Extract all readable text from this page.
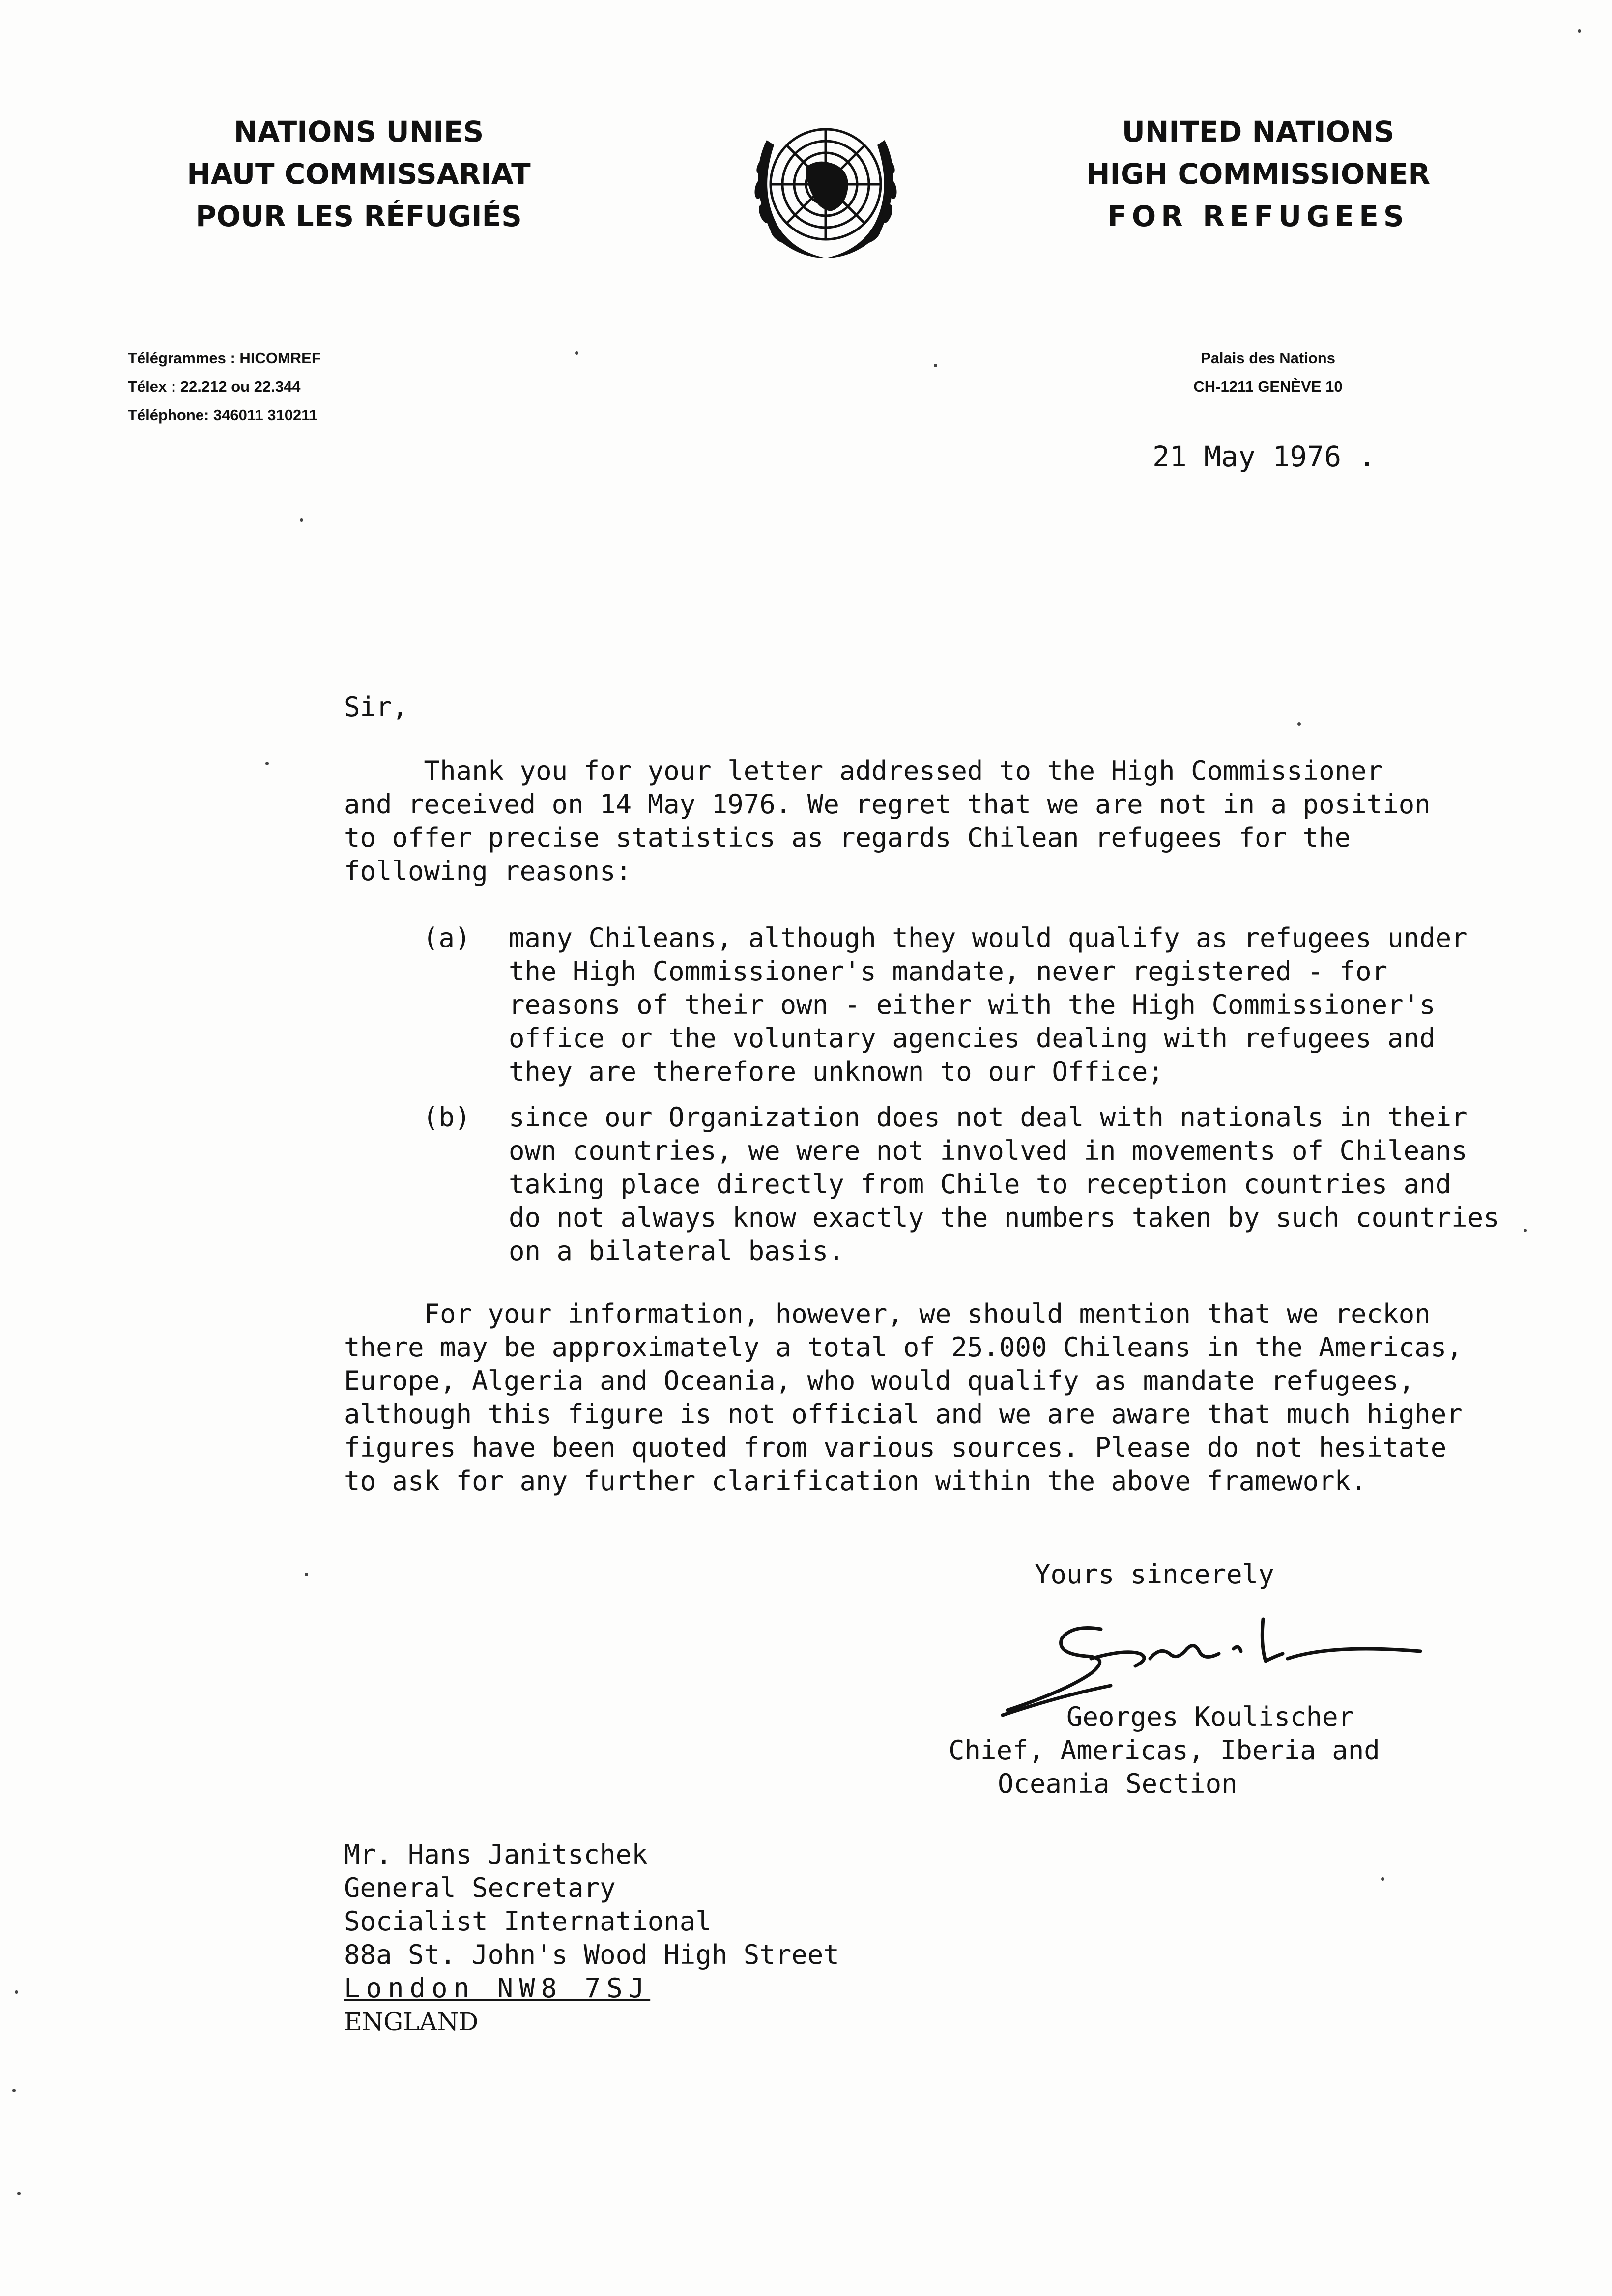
NATIONS UNIES
HAUT COMMISSARIAT
POUR LES RÉFUGIÉS
UNITED NATIONS
HIGH COMMISSIONER
FOR REFUGEES
Télégrammes : HICOMREF
Télex : 22.212 ou 22.344
Téléphone: 346011 310211
Palais des Nations
CH-1211 GENÈVE 10
21 May 1976 .
Sir,
Thank you for your letter addressed to the High Commissioner
and received on 14 May 1976. We regret that we are not in a position
to offer precise statistics as regards Chilean refugees for the
following reasons:
(a) many Chileans, although they would qualify as refugees under
the High Commissioner's mandate, never registered - for
reasons of their own - either with the High Commissioner's
office or the voluntary agencies dealing with refugees and
they are therefore unknown to our Office;
(b) since our Organization does not deal with nationals in their
own countries, we were not involved in movements of Chileans
taking place directly from Chile to reception countries and
do not always know exactly the numbers taken by such countries
on a bilateral basis.
For your information, however, we should mention that we reckon
there may be approximately a total of 25.000 Chileans in the Americas,
Europe, Algeria and Oceania, who would qualify as mandate refugees,
although this figure is not official and we are aware that much higher
figures have been quoted from various sources. Please do not hesitate
to ask for any further clarification within the above framework.
Yours sincerely
Georges Koulischer
Chief, Americas, Iberia and
Oceania Section
Mr. Hans Janitschek
General Secretary
Socialist International
88a St. John's Wood High Street
London NW8 7SJ
ENGLAND
